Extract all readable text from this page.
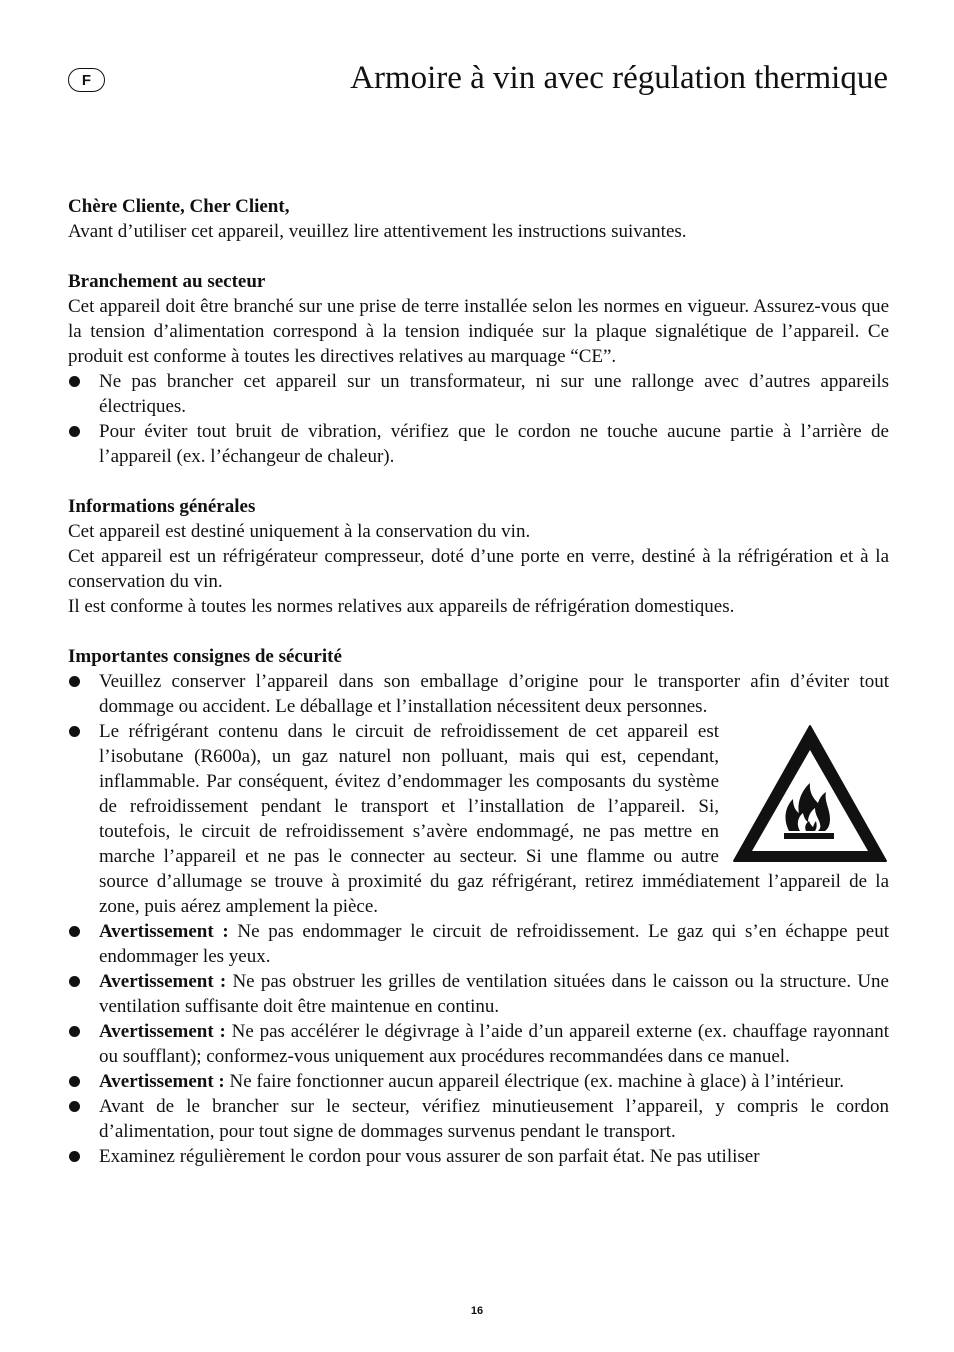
F	Armoire à vin avec régulation thermique
Chère Cliente, Cher Client,

Avant d’utiliser cet appareil, veuillez lire attentivement les instructions suivantes.

Branchement au secteur

Cet appareil doit être branché sur une prise de terre installée selon les normes en vigueur. Assurez-vous que la tension d’alimentation correspond à la tension indiquée sur la plaque signalétique de l’appareil. Ce produit est conforme à toutes les directives relatives au marquage “CE”.

Ne pas brancher cet appareil sur un transformateur, ni sur une rallonge avec d’autres appareils électriques.
Pour éviter tout bruit de vibration, vérifiez que le cordon ne touche aucune partie à l’arrière de l’appareil (ex. l’échangeur de chaleur).
Informations générales

Cet appareil est destiné uniquement à la conservation du vin.

Cet appareil est un réfrigérateur compresseur, doté d’une porte en verre, destiné à la réfrigération et à la conservation du vin.

Il est conforme à toutes les normes relatives aux appareils de réfrigération domestiques.

Importantes consignes de sécurité
Veuillez conserver l’appareil dans son emballage d’origine pour le transporter afin d’éviter tout dommage ou accident. Le déballage et l’installation nécessitent deux personnes.
Le réfrigérant contenu dans le circuit de refroidissement de cet appareil est l’isobutane (R600a), un gaz naturel non polluant, mais qui est, cependant, inflammable. Par conséquent, évitez d’endommager les composants du système de refroidissement pendant le transport et l’installation de l’appareil. Si, toutefois, le circuit de refroidissement s’avère endommagé, ne pas mettre en marche l’appareil et ne pas le connecter au secteur. Si une flamme ou autre source d’allumage se trouve à proximité du gaz réfrigérant, retirez immédiatement l’appareil de la zone, puis aérez amplement la pièce.
Avertissement : Ne pas endommager le circuit de refroidissement. Le gaz qui s’en échappe peut endommager les yeux.
Avertissement : Ne pas obstruer les grilles de ventilation situées dans le caisson ou la structure. Une ventilation suffisante doit être maintenue en continu.
Avertissement : Ne pas accélérer le dégivrage à l’aide d’un appareil externe (ex. chauffage rayonnant ou soufflant); conformez-vous uniquement aux procédures recommandées dans ce manuel.
Avertissement : Ne faire fonctionner aucun appareil électrique (ex. machine à glace) à l’intérieur.
Avant de le brancher sur le secteur, vérifiez minutieusement l’appareil, y compris le cordon d’alimentation, pour tout signe de dommages survenus pendant le transport.
Examinez régulièrement le cordon pour vous assurer de son parfait état. Ne pas utiliser
16
